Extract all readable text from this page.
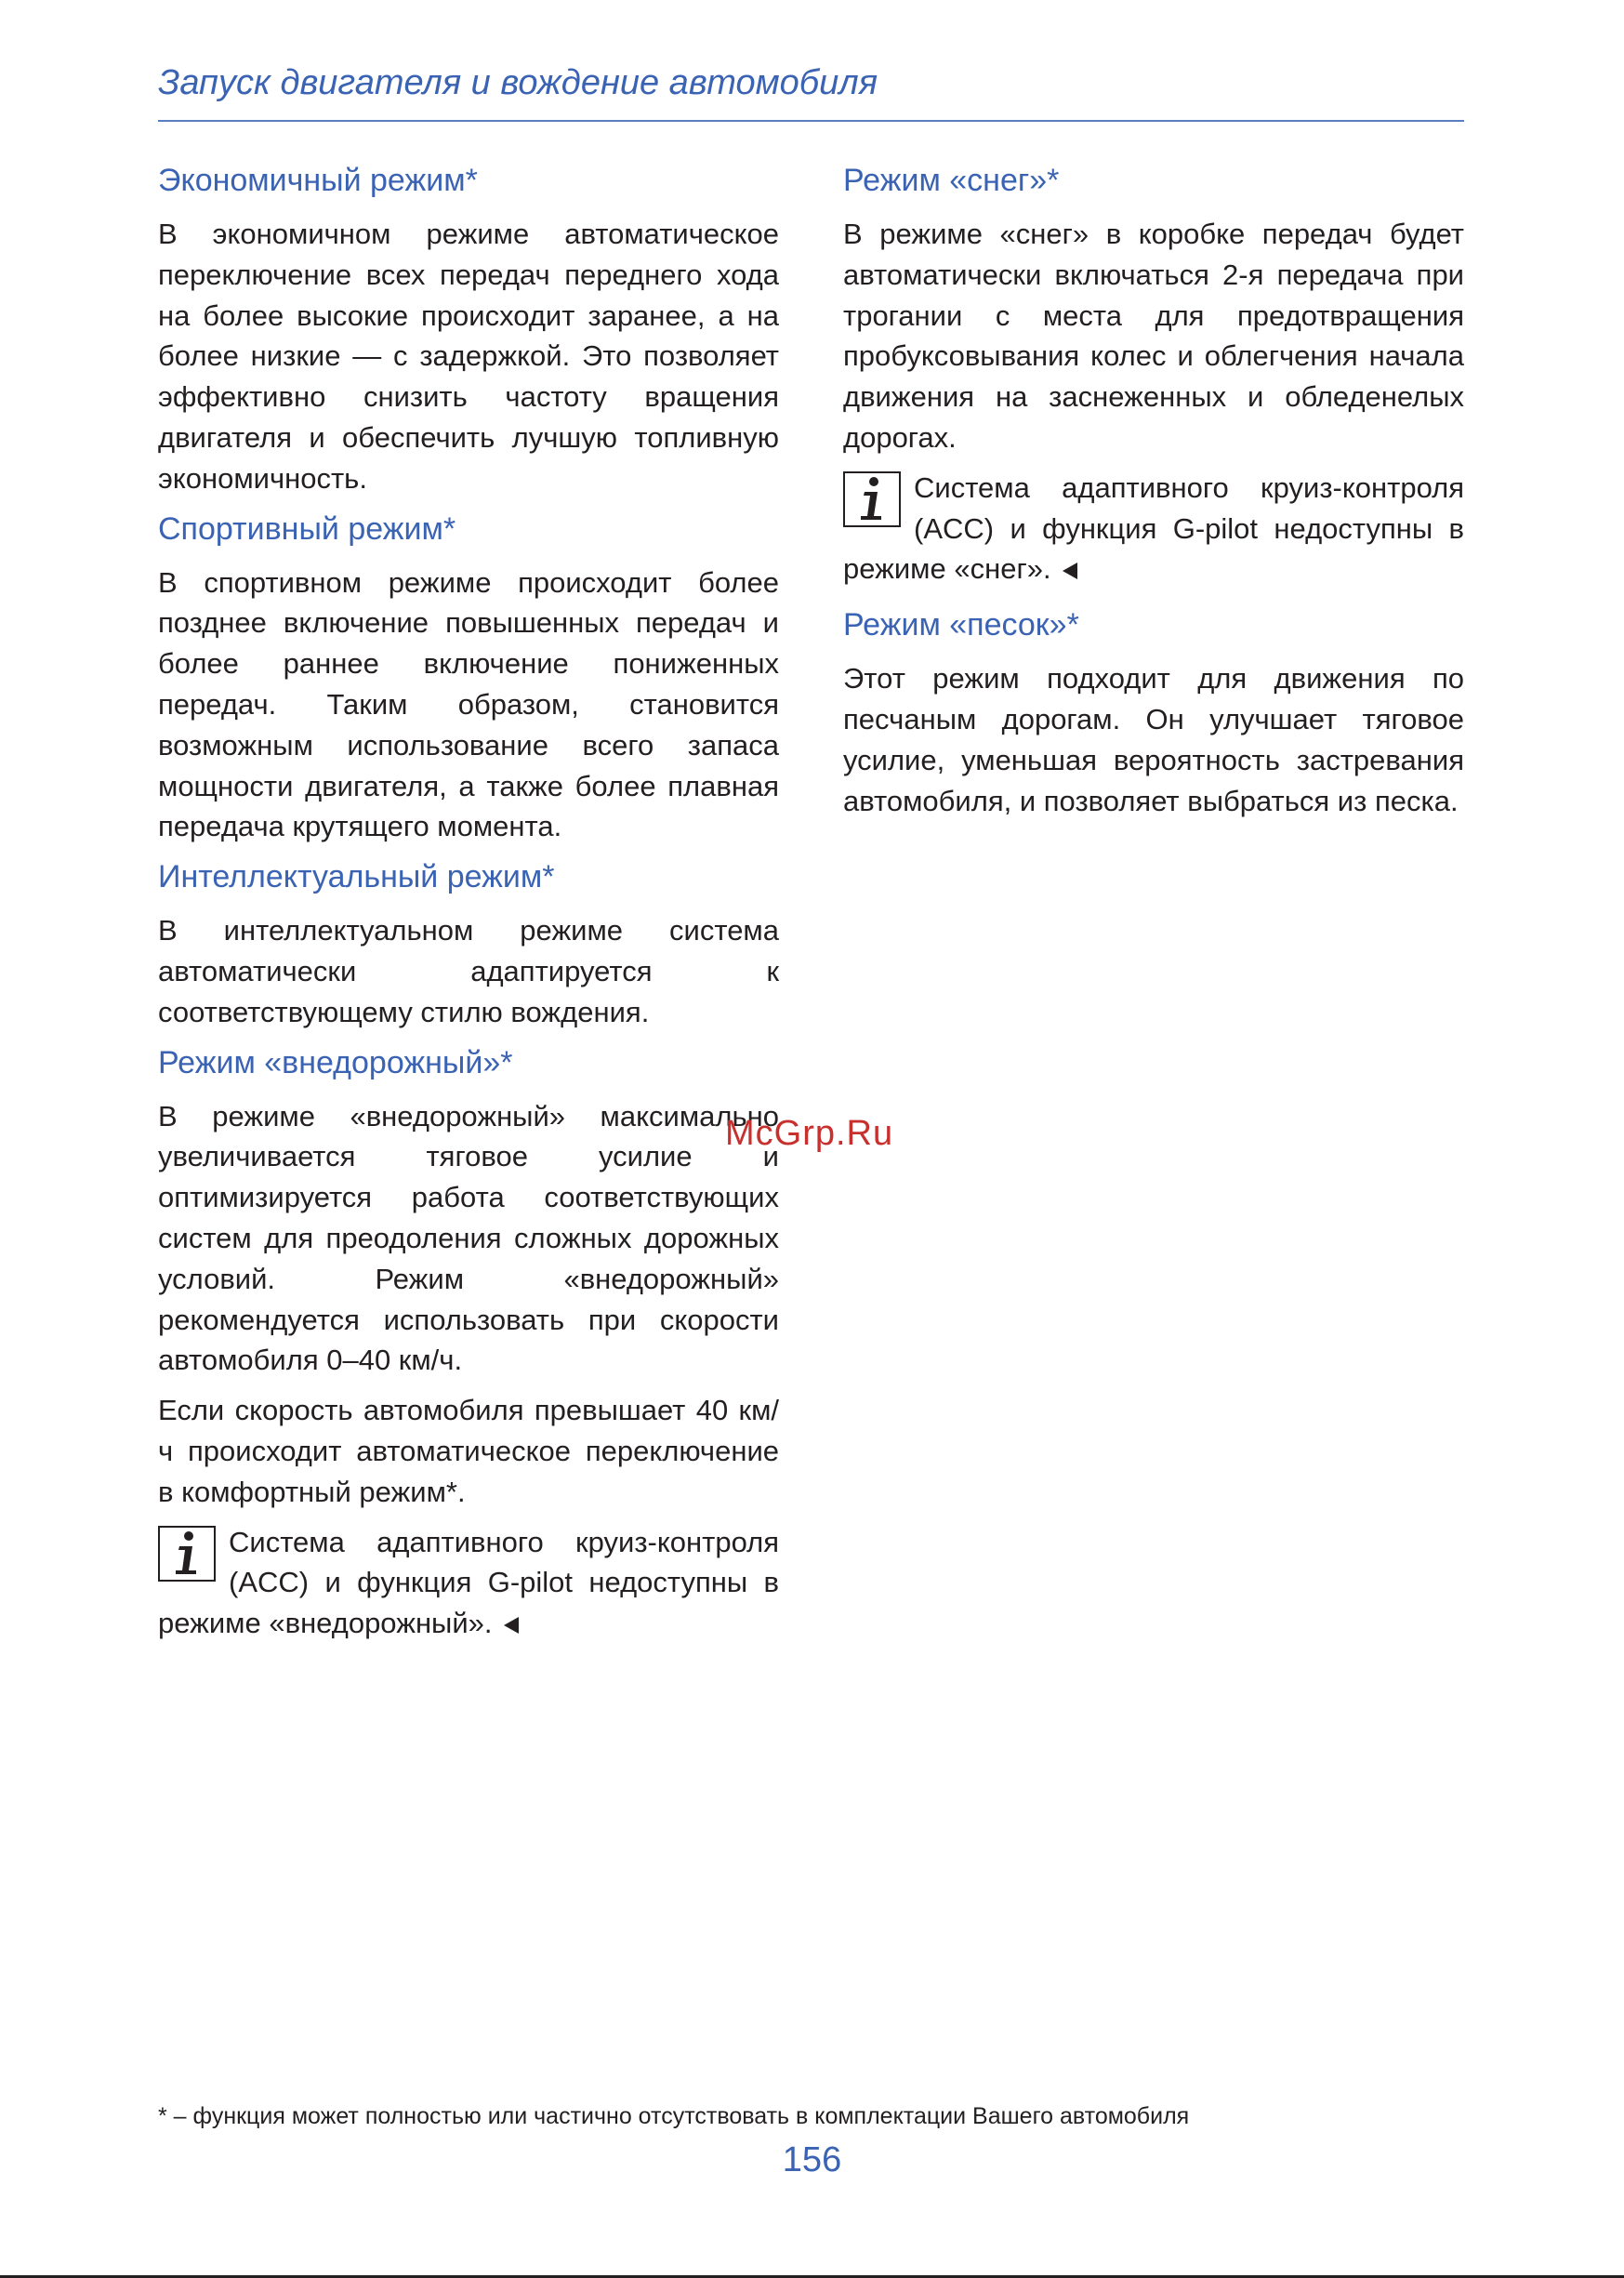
Запуск двигателя и вождение автомобиля
Экономичный режим*

В экономичном режиме автоматическое переключение всех передач переднего хода на более высокие происходит заранее, а на более низкие — с задержкой. Это позволяет эффективно снизить частоту вращения двигателя и обеспечить лучшую топливную экономичность.

Спортивный режим*

В спортивном режиме происходит более позднее включение повышенных передач и более раннее включение пониженных передач. Таким образом, становится возможным использование всего запаса мощности двигателя, а также более плавная передача крутящего момента.

Интеллектуальный режим*

В интеллектуальном режиме система автоматически адаптируется к соответствующему стилю вождения.

Режим «внедорожный»*

В режиме «внедорожный» максимально увеличивается тяговое усилие и оптимизируется работа соответствующих систем для преодоления сложных дорожных условий. Режим «внедорожный» рекомендуется использовать при скорости автомобиля 0–40 км/ч.

Если скорость автомобиля превышает 40 км/ч происходит автоматическое переключение в комфортный режим*.

Система адаптивного круиз-контроля (ACC) и функция G-pilot недоступны в режиме «внедорожный».

Режим «снег»*

В режиме «снег» в коробке передач будет автоматически включаться 2-я передача при трогании с места для предотвращения пробуксовывания колес и облегчения начала движения на заснеженных и обледенелых дорогах.

Система адаптивного круиз-контроля (ACC) и функция G-pilot недоступны в режиме «снег».

Режим «песок»*

Этот режим подходит для движения по песчаным дорогам. Он улучшает тяговое усилие, уменьшая вероятность застревания автомобиля, и позволяет выбраться из песка.

McGrp.Ru
* – функция может полностью или частично отсутствовать в комплектации Вашего автомобиля
156
